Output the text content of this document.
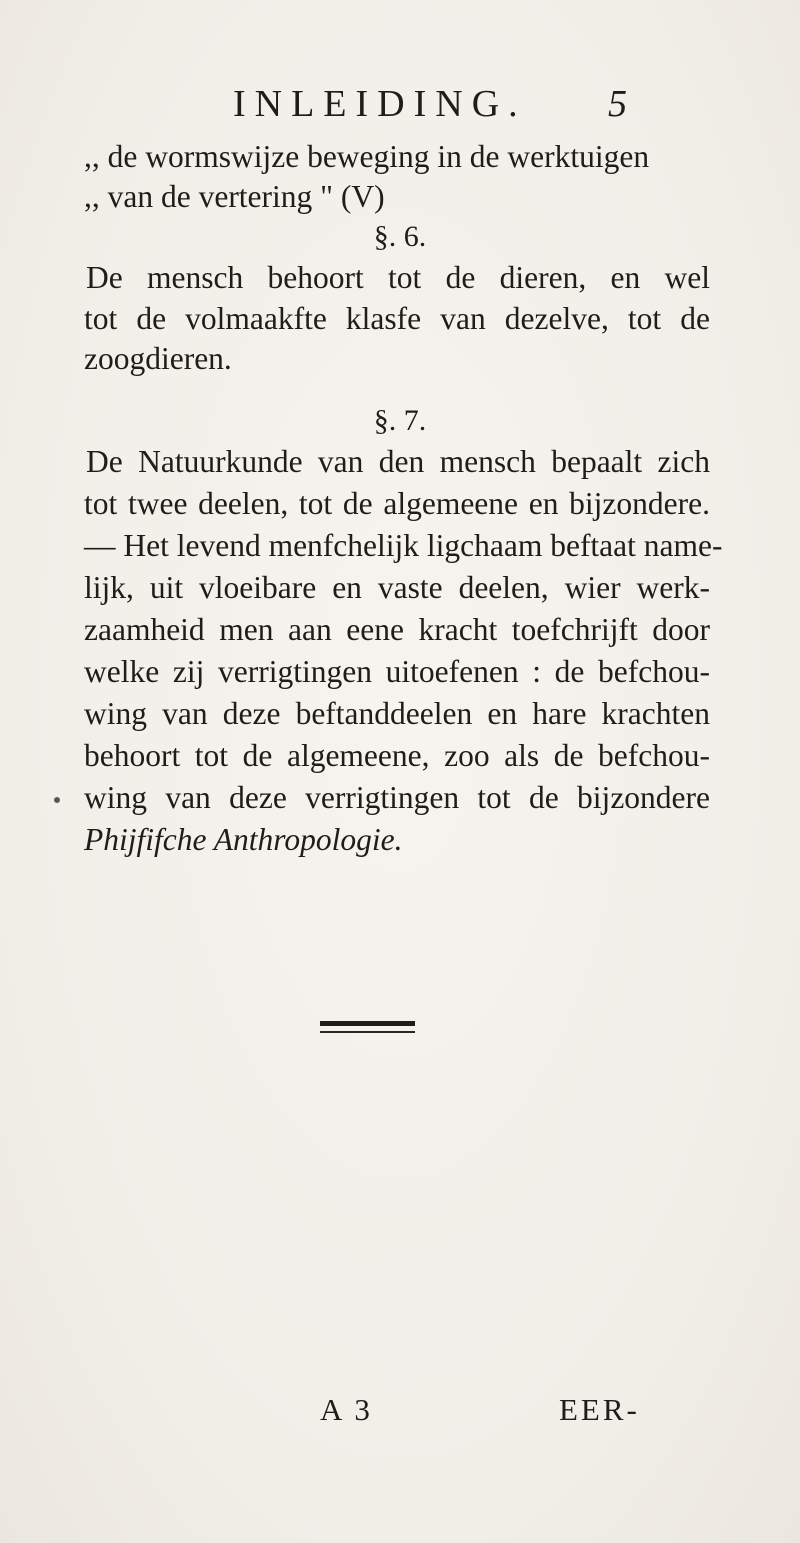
INLEIDING.	5
,, de wormswijze beweging in de werktuigen
,, van de vertering " (V)
§. 6.
De mensch behoort tot de dieren, en wel
tot de volmaakfte klasfe van dezelve, tot de
zoogdieren.
§. 7.
De Natuurkunde van den mensch bepaalt zich
tot twee deelen, tot de algemeene en bijzondere.
— Het levend menfchelijk ligchaam beftaat name-
lijk, uit vloeibare en vaste deelen, wier werk-
zaamheid men aan eene kracht toefchrijft door
welke zij verrigtingen uitoefenen : de befchou-
wing van deze beftanddeelen en hare krachten
behoort tot de algemeene, zoo als de befchou-
wing van deze verrigtingen tot de bijzondere
Phijfifche Anthropologie.
A 3	EER-
